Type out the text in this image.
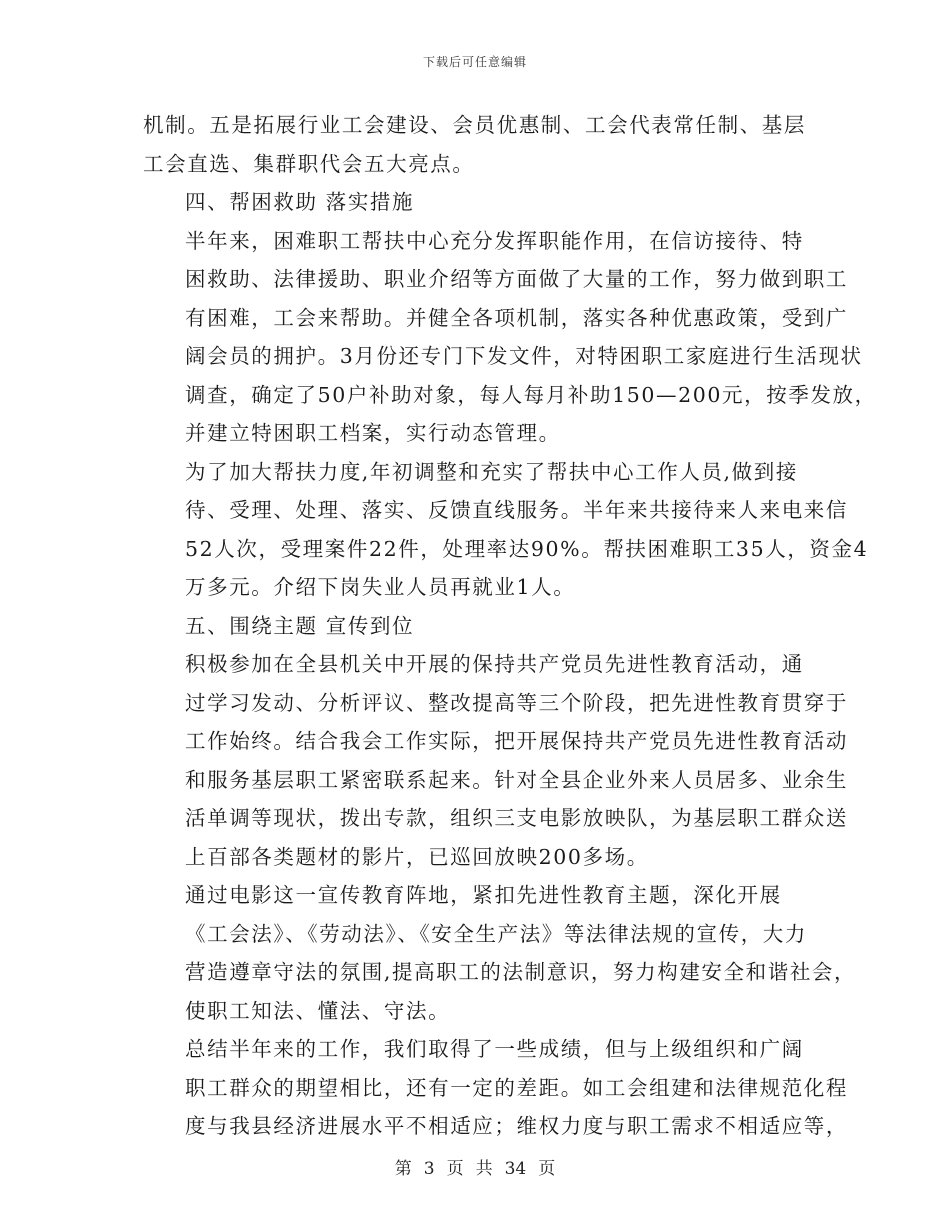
下载后可任意编辑

机制。五是拓展行业工会建设、会员优惠制、工会代表常任制、基层
工会直选、集群职代会五大亮点。

四、帮困救助 落实措施

半年来，困难职工帮扶中心充分发挥职能作用，在信访接待、特
困救助、法律援助、职业介绍等方面做了大量的工作，努力做到职工
有困难，工会来帮助。并健全各项机制，落实各种优惠政策，受到广
阔会员的拥护。3月份还专门下发文件，对特困职工家庭进行生活现状
调查，确定了50户补助对象，每人每月补助150—200元，按季发放，
并建立特困职工档案，实行动态管理。

为了加大帮扶力度,年初调整和充实了帮扶中心工作人员,做到接
待、受理、处理、落实、反馈直线服务。半年来共接待来人来电来信
52人次，受理案件22件，处理率达90%。帮扶困难职工35人，资金4
万多元。介绍下岗失业人员再就业1人。

五、围绕主题 宣传到位

积极参加在全县机关中开展的保持共产党员先进性教育活动，通
过学习发动、分析评议、整改提高等三个阶段，把先进性教育贯穿于
工作始终。结合我会工作实际，把开展保持共产党员先进性教育活动
和服务基层职工紧密联系起来。针对全县企业外来人员居多、业余生
活单调等现状，拨出专款，组织三支电影放映队，为基层职工群众送
上百部各类题材的影片，已巡回放映200多场。

通过电影这一宣传教育阵地，紧扣先进性教育主题，深化开展
《工会法》、《劳动法》、《安全生产法》等法律法规的宣传，大力
营造遵章守法的氛围,提高职工的法制意识，努力构建安全和谐社会，
使职工知法、懂法、守法。

总结半年来的工作，我们取得了一些成绩，但与上级组织和广阔
职工群众的期望相比，还有一定的差距。如工会组建和法律规范化程
度与我县经济进展水平不相适应；维权力度与职工需求不相适应等，

第 3 页 共 34 页
